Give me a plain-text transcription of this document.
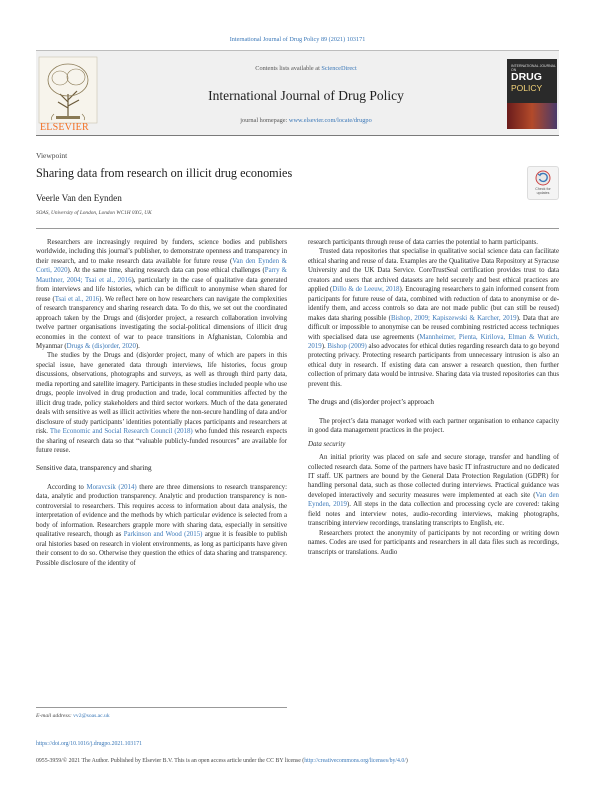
International Journal of Drug Policy 89 (2021) 103171
ELSEVIER
Contents lists available at ScienceDirect
International Journal of Drug Policy
journal homepage: www.elsevier.com/locate/drugpo
INTERNATIONAL JOURNAL ON
DRUG
POLICY
Viewpoint
Sharing data from research on illicit drug economies
Check for
updates
Veerle Van den Eynden
SOAS, University of London, London WC1H 0XG, UK

Researchers are increasingly required by funders, science bodies and publishers worldwide, including this journal’s publisher, to demonstrate openness and transparency in their research, and to make research data available for future reuse (Van den Eynden & Corti, 2020). At the same time, sharing research data can pose ethical challenges (Parry & Mauthner, 2004; Tsai et al., 2016), particularly in the case of qualitative data generated from interviews and life histories, which can be difficult to anonymise when shared for reuse (Tsai et al., 2016). We reflect here on how researchers can navigate the complexities of research transparency and sharing research data. To do this, we set out the coordinated approach taken by the Drugs and (dis)order project, a research collaboration involving twelve partner organisations investigating the social-political dimensions of illicit drug economies in the context of war to peace transitions in Afghanistan, Colombia and Myanmar (Drugs & (dis)order, 2020).

The studies by the Drugs and (dis)order project, many of which are papers in this special issue, have generated data through interviews, life histories, focus group discussions, observations, photographs and surveys, as well as through third party data, media reporting and satellite imagery. Participants in these studies included people who use drugs, people involved in drug production and trade, local communities affected by the illicit drug trade, policy stakeholders and third sector workers. Much of the data generated deals with sensitive as well as illicit activities where the non-secure handling of data and/or disclosure of study participants’ identities potentially places participants and researchers at risk. The Economic and Social Research Council (2018) who funded this research expects the sharing of research data so that “valuable publicly-funded resources” are available for future reuse.

Sensitive data, transparency and sharing

According to Moravcsik (2014) there are three dimensions to research transparency: data, analytic and production transparency. Analytic and production transparency is non-controversial to researchers. This requires access to information about data analysis, the interpretation of evidence and the methods by which particular evidence is selected from a body of information. Researchers grapple more with sharing data, especially in sensitive qualitative research, though as Parkinson and Wood (2015) argue it is feasible to publish oral histories based on research in violent environments, as long as participants have given their consent to do so. Otherwise they question the ethics of data sharing and transparency. Possible disclosure of the identity of

research participants through reuse of data carries the potential to harm participants.

Trusted data repositories that specialise in qualitative social science data can facilitate ethical sharing and reuse of data. Examples are the Qualitative Data Repository at Syracuse University and the UK Data Service. CoreTrustSeal certification provides trust to data creators and users that archived datasets are held securely and best ethical practices are applied (Dillo & de Leeuw, 2018). Encouraging researchers to gain informed consent from participants for future reuse of data, combined with reduction of data to anonymise or de-identify them, and access controls so data are not made public (but can still be reused) makes data sharing possible (Bishop, 2009; Kapiszewski & Karcher, 2019). Data that are difficult or impossible to anonymise can be reused combining restricted access techniques with specialised data use agreements (Mannheimer, Pienta, Kirilova, Elman & Wutich, 2019). Bishop (2009) also advocates for ethical duties regarding research data to go beyond protecting privacy. Protecting research participants from unnecessary intrusion is also an ethical duty in research. If existing data can answer a research question, then further collection of primary data would be intrusive. Sharing data via trusted repositories can thus prevent this.

The drugs and (dis)order project’s approach

The project’s data manager worked with each partner organisation to enhance capacity in good data management practices in the project.

Data security

An initial priority was placed on safe and secure storage, transfer and handling of collected research data. Some of the partners have basic IT infrastructure and no dedicated IT staff. UK partners are bound by the General Data Protection Regulation (GDPR) for handling personal data, such as those collected during interviews. Practical guidance was developed interactively and security measures were implemented at each site (Van den Eynden, 2019). All steps in the data collection and processing cycle are covered: taking field notes and interview notes, audio-recording interviews, making photographs, transcribing interview recordings, translating transcripts to English, etc.

Researchers protect the anonymity of participants by not recording or writing down names. Codes are used for participants and researchers in all data files such as recordings, transcripts or translations. Audio

E-mail address: vv2@soas.ac.uk
https://doi.org/10.1016/j.drugpo.2021.103171
0955-3959/© 2021 The Author. Published by Elsevier B.V. This is an open access article under the CC BY license (http://creativecommons.org/licenses/by/4.0/)
